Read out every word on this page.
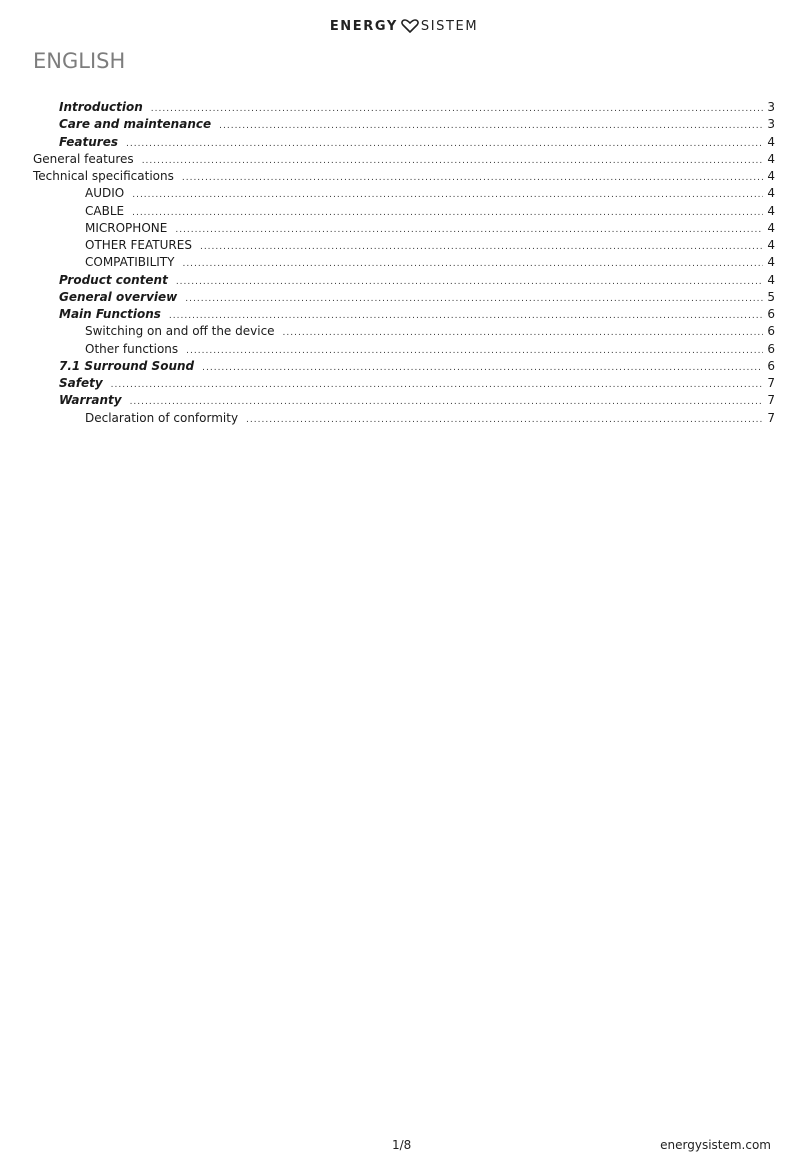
ENERGY SISTEM
ENGLISH
Introduction .....	3
Care and maintenance .....	3
Features .....	4
General features .....	4
Technical specifications .....	4
AUDIO .....	4
CABLE .....	4
MICROPHONE .....	4
OTHER FEATURES .....	4
COMPATIBILITY .....	4
Product content .....	4
General overview .....	5
Main Functions .....	6
Switching on and off the device .....	6
Other functions .....	6
7.1 Surround Sound .....	6
Safety .....	7
Warranty .....	7
Declaration of conformity .....	7
1/8	energysistem.com
